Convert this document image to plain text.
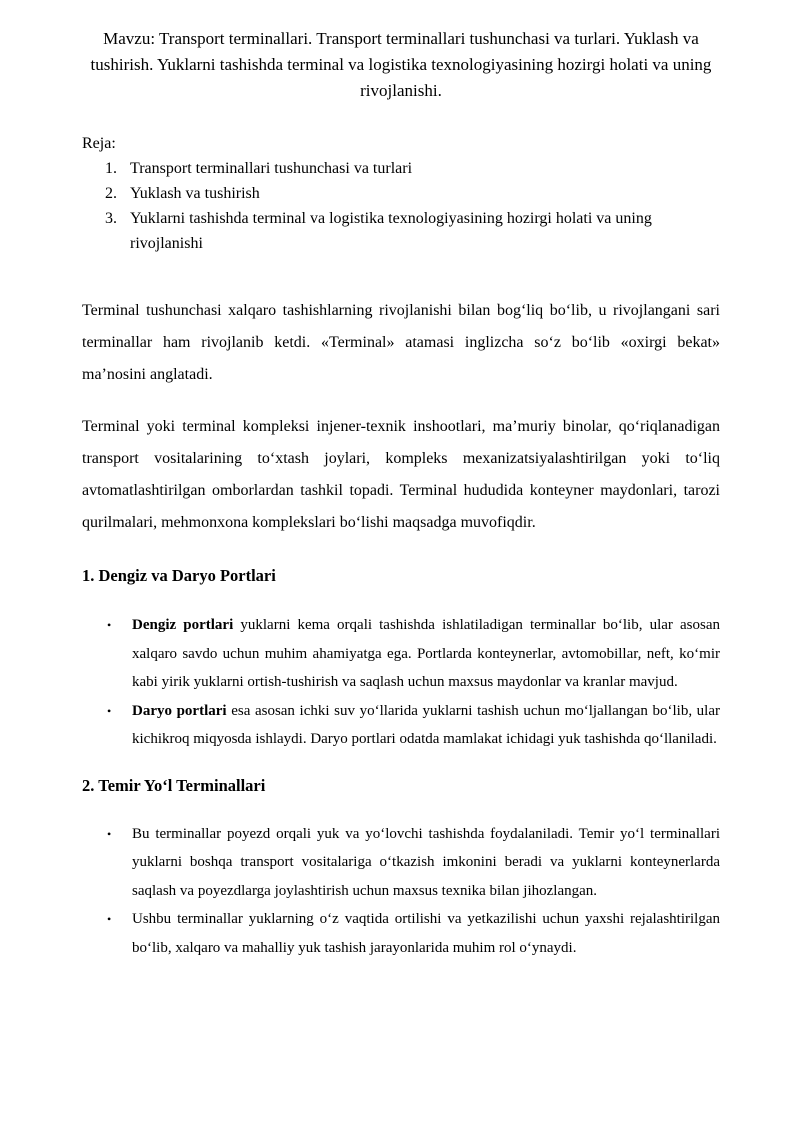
Mavzu: Transport terminallari. Transport terminallari tushunchasi va turlari. Yuklash va tushirish. Yuklarni tashishda terminal va logistika texnologiyasining hozirgi holati va uning rivojlanishi.

Reja:

1. Transport terminallari tushunchasi va turlari
2. Yuklash va tushirish
3. Yuklarni tashishda terminal va logistika texnologiyasining hozirgi holati va uning rivojlanishi

Terminal tushunchasi xalqaro tashishlarning rivojlanishi bilan bogʻliq boʻlib, u rivojlangani sari terminallar ham rivojlanib ketdi. «Terminal» atamasi inglizcha soʻz boʻlib «oxirgi bekat» maʼnosini anglatadi.

Terminal yoki terminal kompleksi injener-texnik inshootlari, maʼmuriy binolar, qoʻriqlanadigan transport vositalarining toʻxtash joylari, kompleks mexanizatsiyalashtirilgan yoki toʻliq avtomatlashtirilgan omborlardan tashkil topadi. Terminal hududida konteyner maydonlari, tarozi qurilmalari, mehmonxona komplekslari boʻlishi maqsadga muvofiqdir.

1. Dengiz va Daryo Portlari
•	Dengiz portlari yuklarni kema orqali tashishda ishlatiladigan terminallar boʻlib, ular asosan xalqaro savdo uchun muhim ahamiyatga ega. Portlarda konteynerlar, avtomobillar, neft, koʻmir kabi yirik yuklarni ortish-tushirish va saqlash uchun maxsus maydonlar va kranlar mavjud.
•	Daryo portlari esa asosan ichki suv yoʻllarida yuklarni tashish uchun moʻljallangan boʻlib, ular kichikroq miqyosda ishlaydi. Daryo portlari odatda mamlakat ichidagi yuk tashishda qoʻllaniladi.
2. Temir Yoʻl Terminallari
•	Bu terminallar poyezd orqali yuk va yoʻlovchi tashishda foydalaniladi. Temir yoʻl terminallari yuklarni boshqa transport vositalariga oʻtkazish imkonini beradi va yuklarni konteynerlarda saqlash va poyezdlarga joylashtirish uchun maxsus texnika bilan jihozlangan.
•	Ushbu terminallar yuklarning oʻz vaqtida ortilishi va yetkazilishi uchun yaxshi rejalashtirilgan boʻlib, xalqaro va mahalliy yuk tashish jarayonlarida muhim rol oʻynaydi.
